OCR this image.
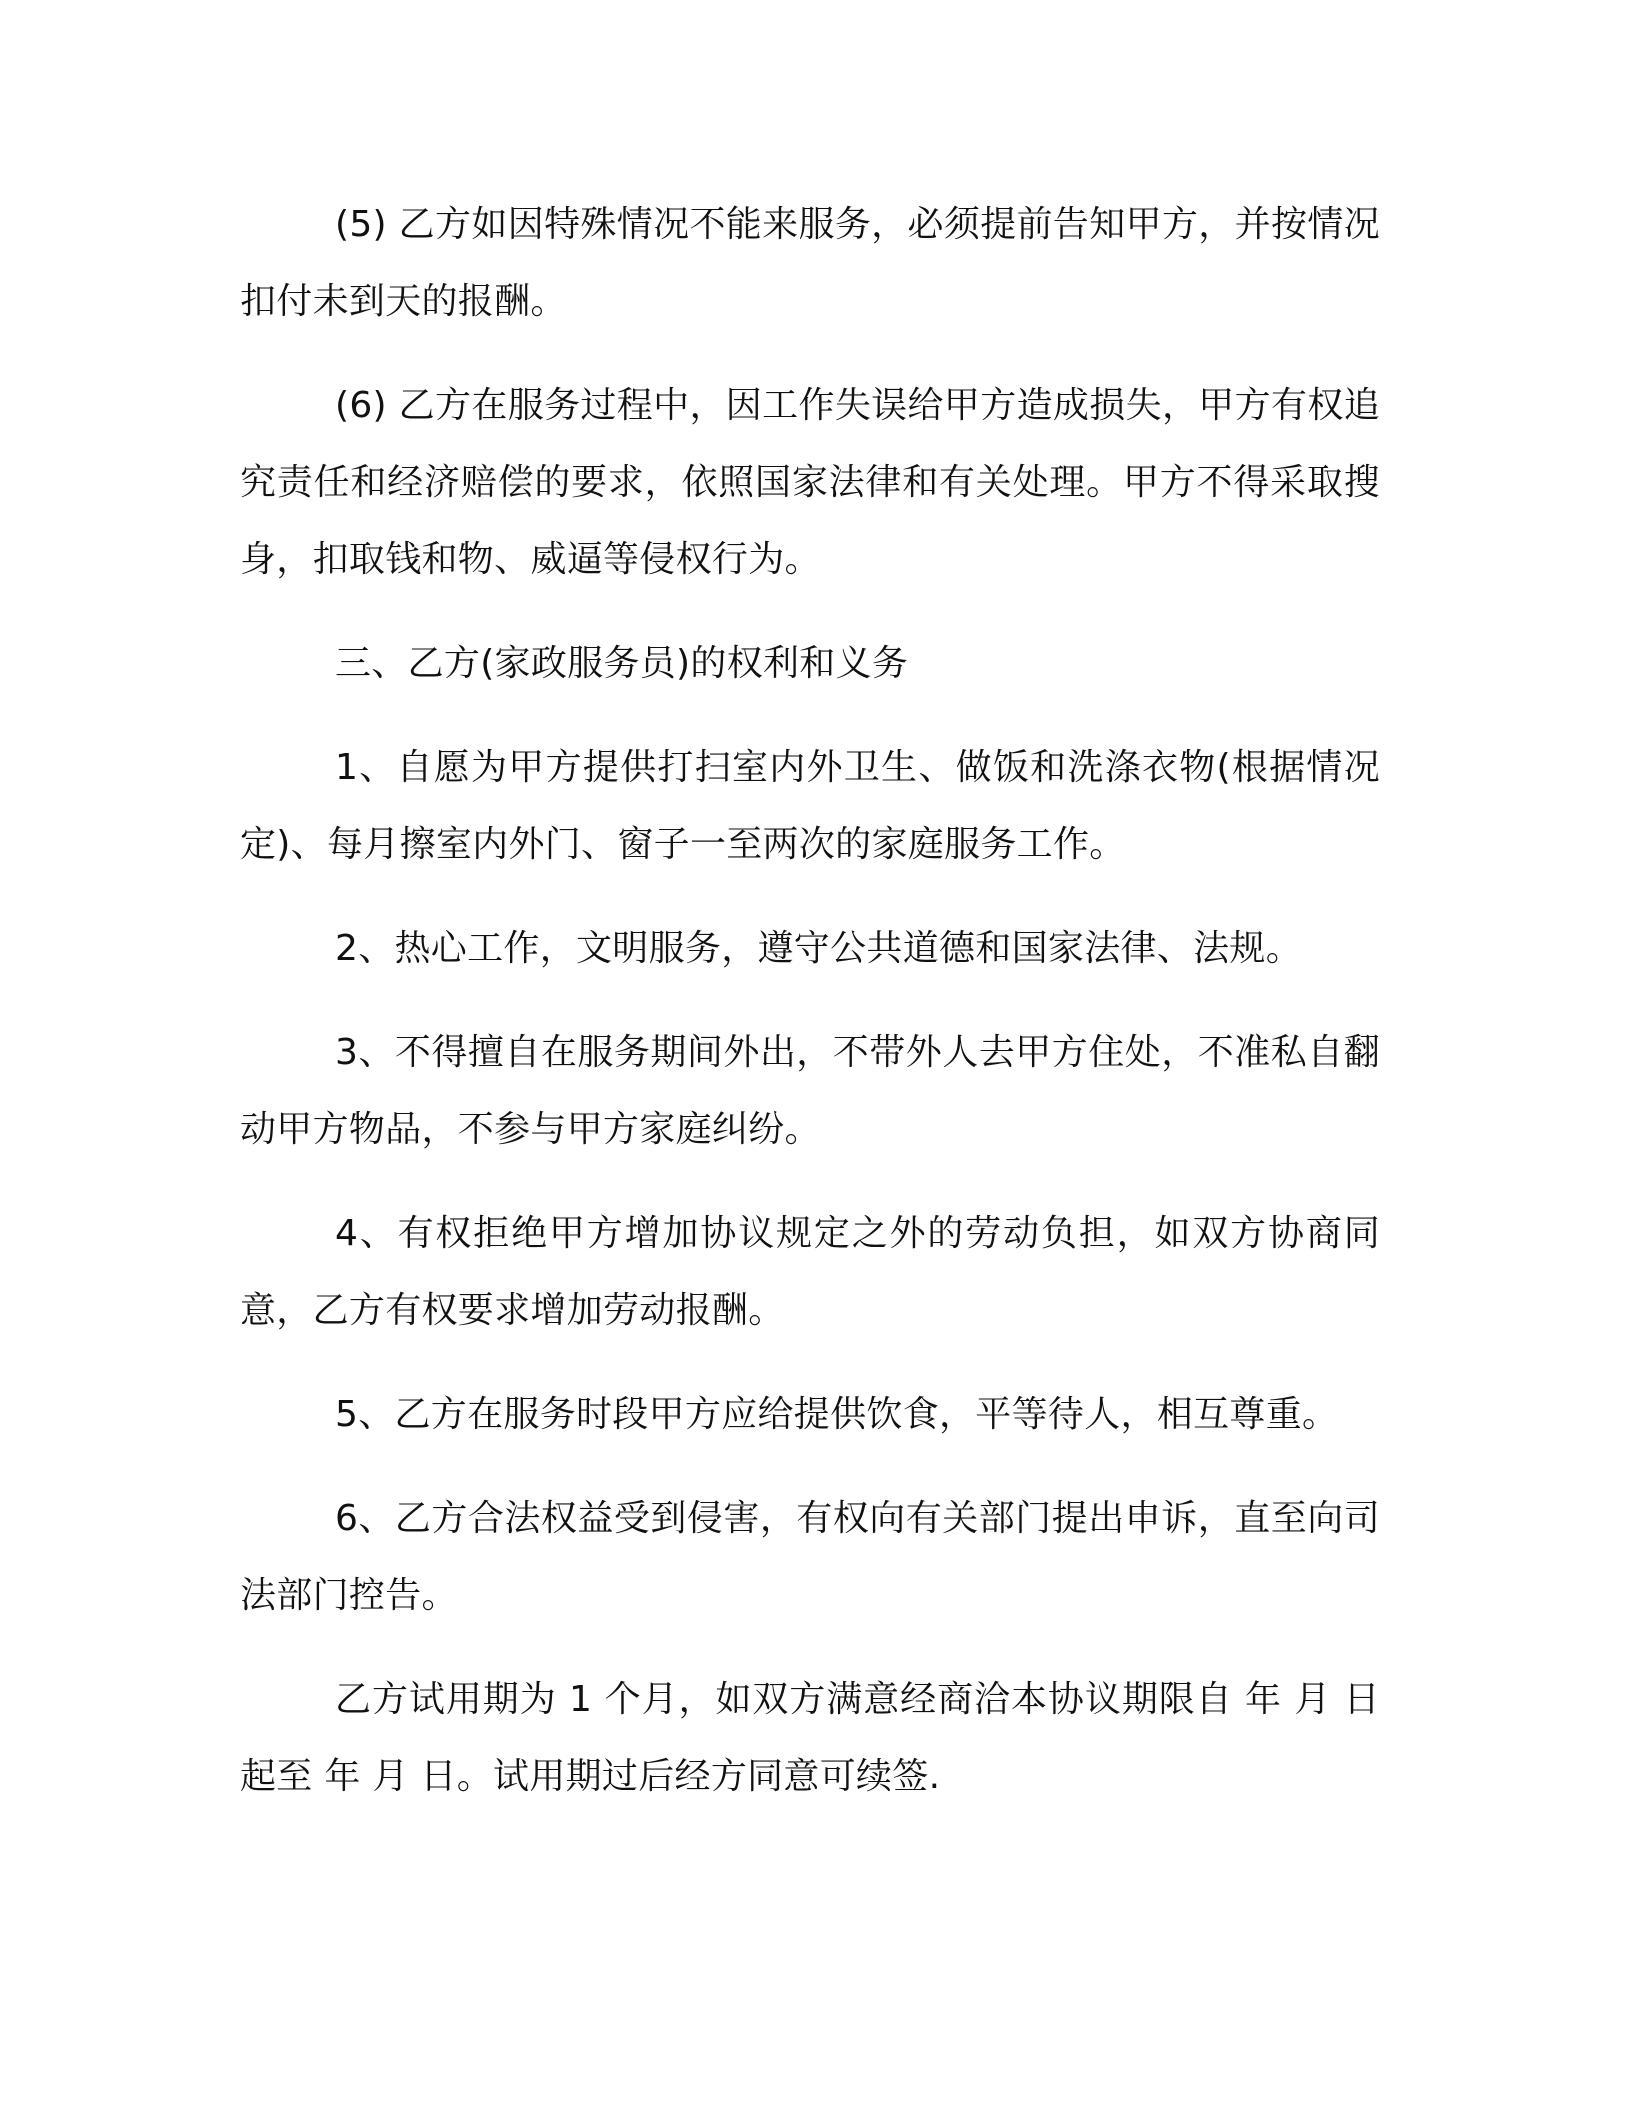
(5) 乙方如因特殊情况不能来服务，必须提前告知甲方，并按情况扣付未到天的报酬。

(6) 乙方在服务过程中，因工作失误给甲方造成损失，甲方有权追究责任和经济赔偿的要求，依照国家法律和有关处理。甲方不得采取搜身，扣取钱和物、威逼等侵权行为。

三、乙方(家政服务员)的权利和义务

1、自愿为甲方提供打扫室内外卫生、做饭和洗涤衣物(根据情况定)、每月擦室内外门、窗子一至两次的家庭服务工作。

2、热心工作，文明服务，遵守公共道德和国家法律、法规。

3、不得擅自在服务期间外出，不带外人去甲方住处，不准私自翻动甲方物品，不参与甲方家庭纠纷。

4、有权拒绝甲方增加协议规定之外的劳动负担，如双方协商同意，乙方有权要求增加劳动报酬。

5、乙方在服务时段甲方应给提供饮食，平等待人，相互尊重。

6、乙方合法权益受到侵害，有权向有关部门提出申诉，直至向司法部门控告。

乙方试用期为 1 个月，如双方满意经商洽本协议期限自 年 月 日起至 年 月 日。试用期过后经方同意可续签.
